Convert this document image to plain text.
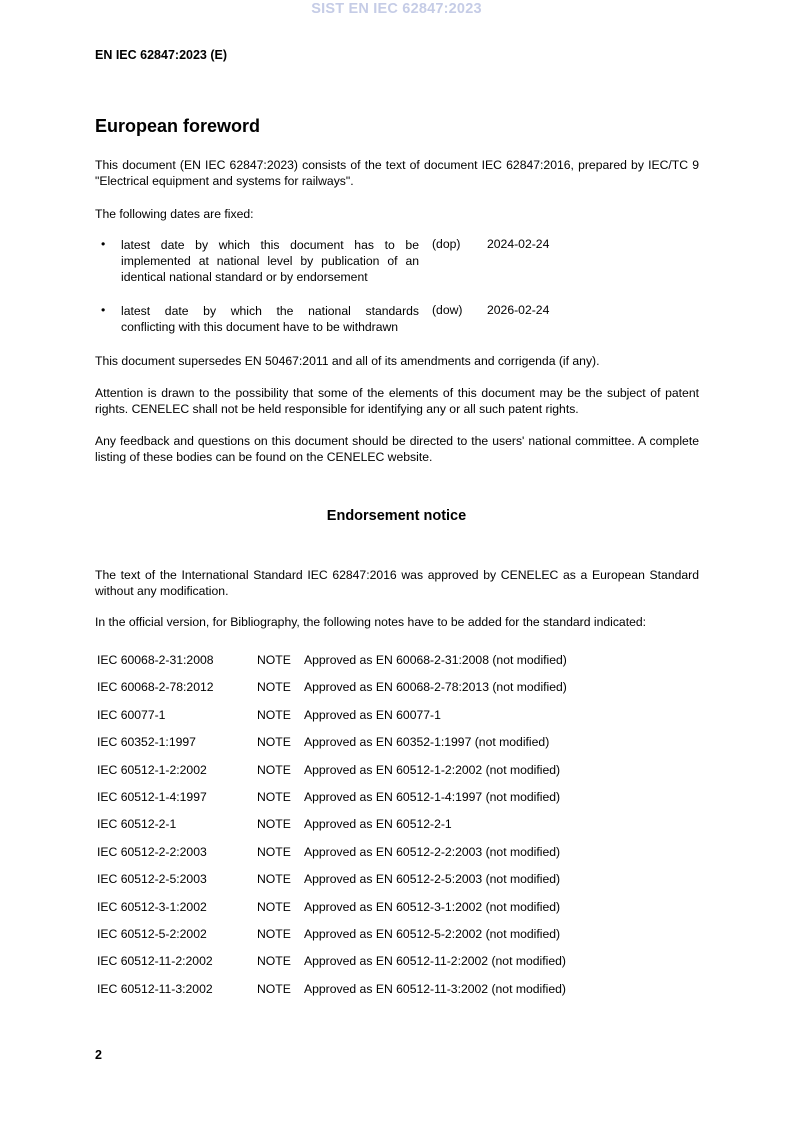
SIST EN IEC 62847:2023
EN IEC 62847:2023 (E)
European foreword
This document (EN IEC 62847:2023) consists of the text of document IEC 62847:2016, prepared by IEC/TC 9 "Electrical equipment and systems for railways".
The following dates are fixed:
• latest date by which this document has to be
implemented at national level by publication of an
identical national standard or by endorsement
(dop) 2024-02-24
• latest date by which the national standards
conflicting with this document have to be withdrawn
(dow) 2026-02-24
This document supersedes EN 50467:2011 and all of its amendments and corrigenda (if any).
Attention is drawn to the possibility that some of the elements of this document may be the subject of patent rights. CENELEC shall not be held responsible for identifying any or all such patent rights.
Any feedback and questions on this document should be directed to the users' national committee. A complete listing of these bodies can be found on the CENELEC website.
Endorsement notice
The text of the International Standard IEC 62847:2016 was approved by CENELEC as a European Standard without any modification.
In the official version, for Bibliography, the following notes have to be added for the standard indicated:
IEC 60068-2-31:2008	NOTE Approved as EN 60068-2-31:2008 (not modified)
IEC 60068-2-78:2012	NOTE Approved as EN 60068-2-78:2013 (not modified)
IEC 60077-1	NOTE Approved as EN 60077-1
IEC 60352-1:1997	NOTE Approved as EN 60352-1:1997 (not modified)
IEC 60512-1-2:2002	NOTE Approved as EN 60512-1-2:2002 (not modified)
IEC 60512-1-4:1997	NOTE Approved as EN 60512-1-4:1997 (not modified)
IEC 60512-2-1	NOTE Approved as EN 60512-2-1
IEC 60512-2-2:2003	NOTE Approved as EN 60512-2-2:2003 (not modified)
IEC 60512-2-5:2003	NOTE Approved as EN 60512-2-5:2003 (not modified)
IEC 60512-3-1:2002	NOTE Approved as EN 60512-3-1:2002 (not modified)
IEC 60512-5-2:2002	NOTE Approved as EN 60512-5-2:2002 (not modified)
IEC 60512-11-2:2002	NOTE Approved as EN 60512-11-2:2002 (not modified)
IEC 60512-11-3:2002	NOTE Approved as EN 60512-11-3:2002 (not modified)
2
